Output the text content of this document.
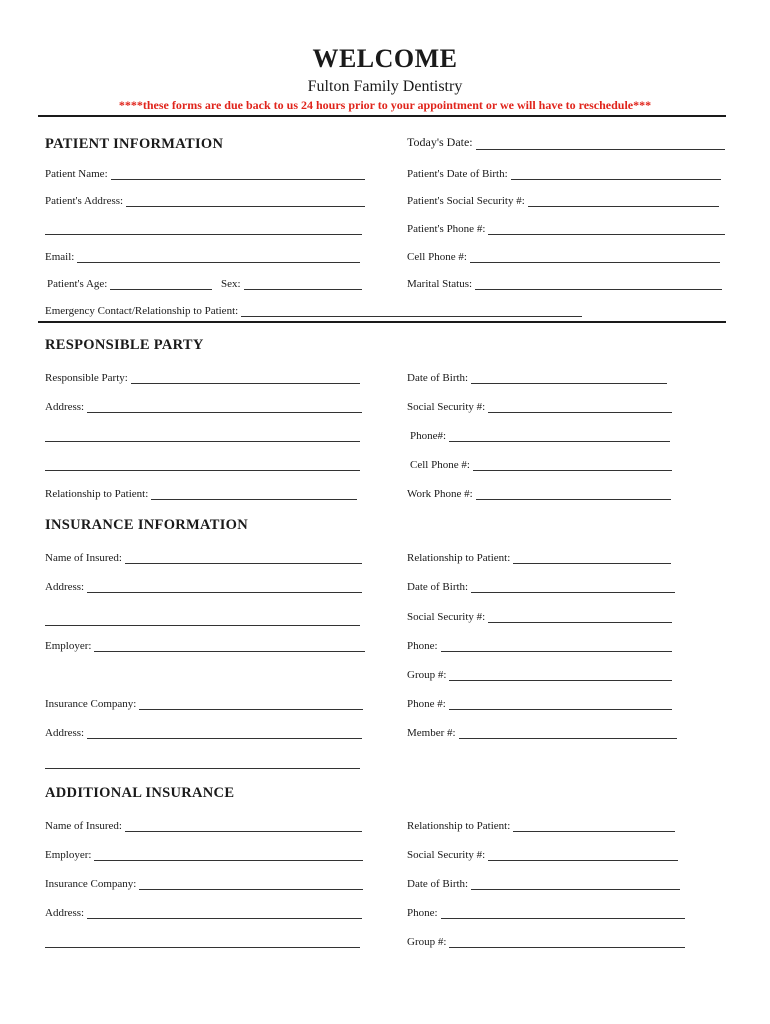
WELCOME
Fulton Family Dentistry
****these forms are due back to us 24 hours prior to your appointment or we will have to reschedule***
PATIENT INFORMATION	Today's Date:
Patient Name:	Patient's Date of Birth:
Patient's Address:	Patient's Social Security #:
Patient's Phone #:
Email:	Cell Phone #:
Patient's Age:	Sex:	Marital Status:
Emergency Contact/Relationship to Patient:
RESPONSIBLE PARTY
Responsible Party:	Date of Birth:
Address:	Social Security #:
Phone#:
Cell Phone #:
Relationship to Patient:	Work Phone #:
INSURANCE INFORMATION
Name of Insured:	Relationship to Patient:
Address:	Date of Birth:
Social Security #:
Employer:	Phone:
Group #:
Insurance Company:	Phone #:
Address:	Member #:
ADDITIONAL INSURANCE
Name of Insured:	Relationship to Patient:
Employer:	Social Security #:
Insurance Company:	Date of Birth:
Address:	Phone:
Group #:
